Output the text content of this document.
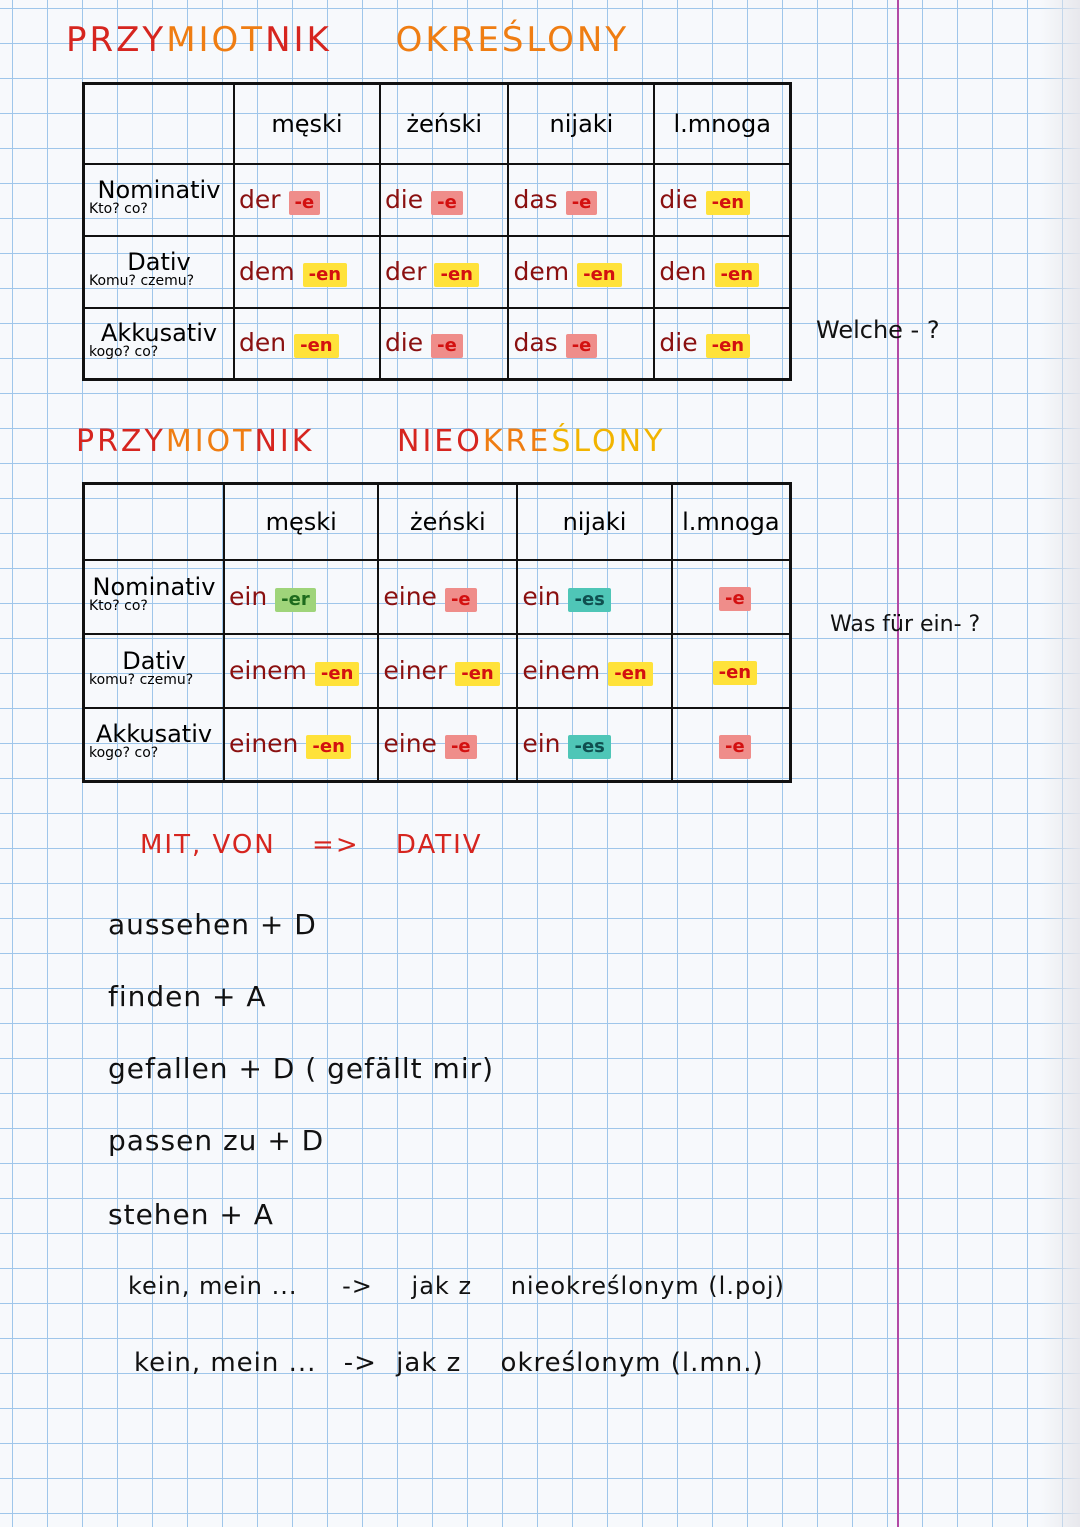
PRZYMIOTNIK OKREŚLONY
	męski	żeński	nijaki	l.mnoga
Nominativ
Kto? co?	der -e	die -e	das -e	die -en
Dativ
Komu? czemu?	dem -en	der -en	dem -en	den -en
Akkusativ
kogo? co?	den -en	die -e	das -e	die -en
Welche - ?
PRZYMIOTNIK	NIEOKREŚLONY
	męski	żeński	nijaki	l.mnoga
Nominativ
Kto? co?	ein -er	eine -e	ein -es	-e
Dativ
komu? czemu?	einem -en	einer -en	einem -en	-en
Akkusativ
kogo? co?	einen -en	eine -e	ein -es	-e
Was für ein- ?
MIT, VON => DATIV
aussehen + D
finden + A
gefallen + D ( gefällt mir)
passen zu + D
stehen + A
kein, mein ... -> jak z nieokreślonym (l.poj)
kein, mein ... -> jak z określonym (l.mn.)
